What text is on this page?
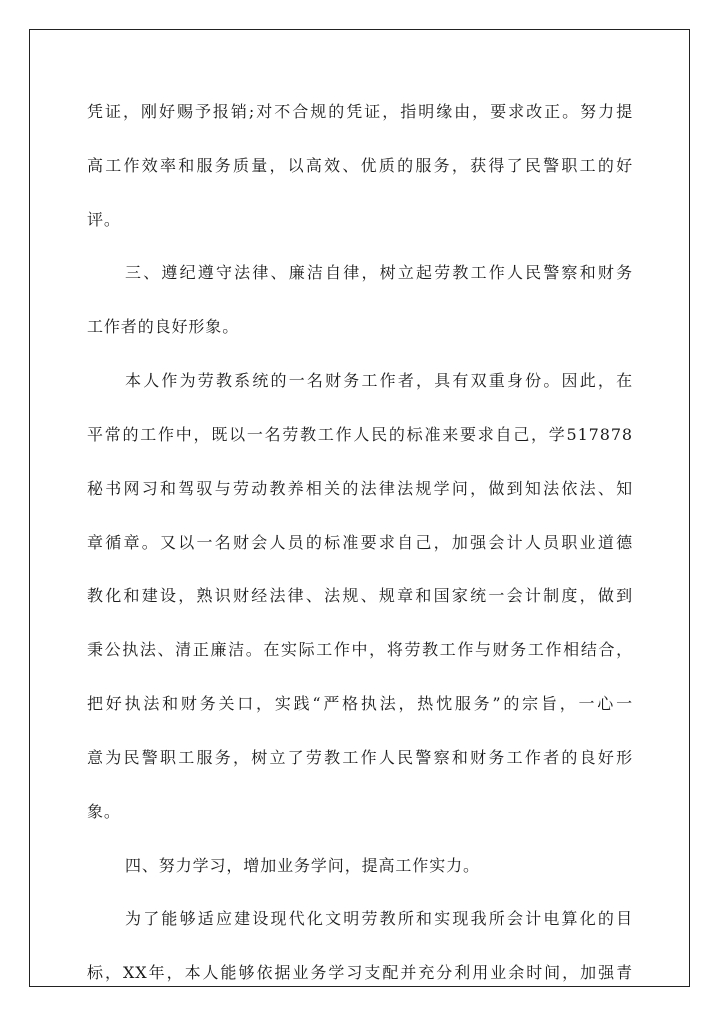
凭证，刚好赐予报销;对不合规的凭证，指明缘由，要求改正。努力提
高工作效率和服务质量，以高效、优质的服务，获得了民警职工的好
评。
三、遵纪遵守法律、廉洁自律，树立起劳教工作人民警察和财务
工作者的良好形象。
本人作为劳教系统的一名财务工作者，具有双重身份。因此，在
平常的工作中，既以一名劳教工作人民的标准来要求自己，学517878
秘书网习和驾驭与劳动教养相关的法律法规学问，做到知法依法、知
章循章。又以一名财会人员的标准要求自己，加强会计人员职业道德
教化和建设，熟识财经法律、法规、规章和国家统一会计制度，做到
秉公执法、清正廉洁。在实际工作中，将劳教工作与财务工作相结合，
把好执法和财务关口，实践“严格执法，热忱服务”的宗旨，一心一
意为民警职工服务，树立了劳教工作人民警察和财务工作者的良好形
象。
四、努力学习，增加业务学问，提高工作实力。
为了能够适应建设现代化文明劳教所和实现我所会计电算化的目
标，XX年，本人能够依据业务学习支配并充分利用业余时间，加强青
